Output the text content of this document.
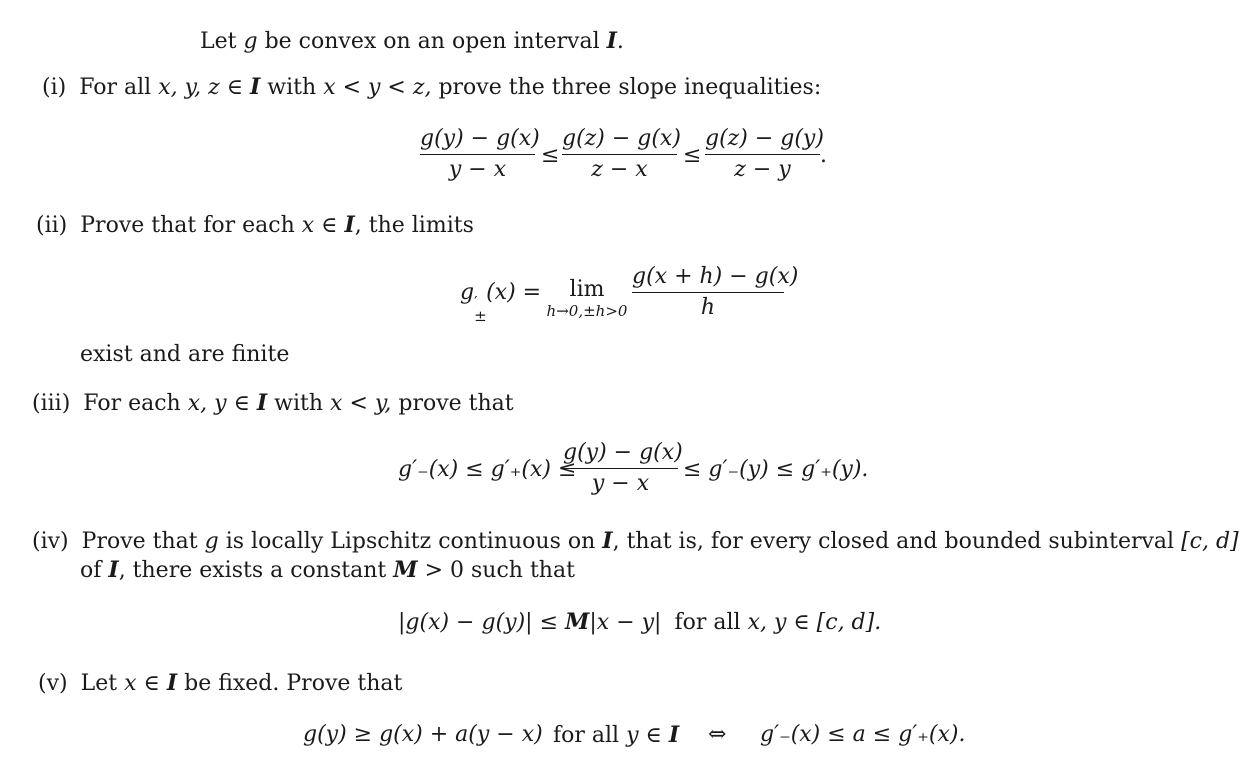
Let g be convex on an open interval I.
(i) For all x, y, z ∈ I with x < y < z, prove the three slope inequalities:
g(y) − g(x)
y − x
≤
g(z) − g(x)
z − x
≤
g(z) − g(y)
z − y
.
(ii) Prove that for each x ∈ I, the limits
g ′
±
(x) =	lim
h→0,±h>0
g(x + h) − g(x)
h
exist and are finite
(iii) For each x, y ∈ I with x < y, prove that
g′₋(x) ≤ g′₊(x) ≤
g(y) − g(x)
y − x
≤ g′₋(y) ≤ g′₊(y).
(iv) Prove that g is locally Lipschitz continuous on I, that is, for every closed and bounded subinterval [c, d]
of I, there exists a constant M > 0 such that
|g(x) − g(y)| ≤ M|x − y| for all x, y ∈ [c, d].
(v) Let x ∈ I be fixed. Prove that
g(y) ≥ g(x) + a(y − x) for all y ∈ I ⇔ g′₋(x) ≤ a ≤ g′₊(x).
